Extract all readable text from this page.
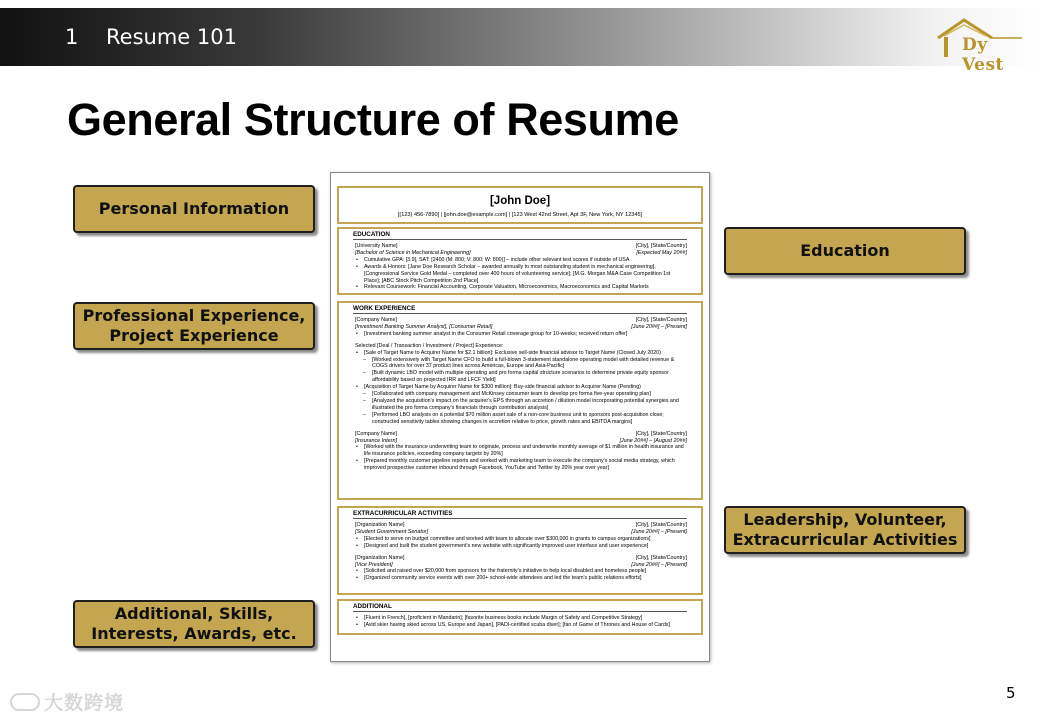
1 Resume 101	Dy Vest
General Structure of Resume
Personal Information
Professional Experience,
Project Experience
Additional, Skills,
Interests, Awards, etc.
Education
Leadership, Volunteer,
Extracurricular Activities
[John Doe]
[(123) 456-7890] | [john.doe@example.com] | [123 West 42nd Street, Apt 3F, New York, NY 12345]
EDUCATION
[University Name]	[City], [State/Country]
[Bachelor of Science in Mechanical Engineering]	[Expected May 20##]
• Cumulative GPA: [3.9], SAT: [2400 (M: 800; V: 800; W: 800)] – include other relevant test scores if outside of USA
• Awards & Honors: [Jane Doe Research Scholar – awarded annually to most outstanding student in mechanical engineering], [Congressional Service Gold Medal – completed over 400 hours of volunteering service]; [M.G. Morgan M&A Case Competition 1st Place]; [ABC Stock Pitch Competition 2nd Place]
• Relevant Coursework: Financial Accounting, Corporate Valuation, Microeconomics, Macroeconomics and Capital Markets
WORK EXPERIENCE
[Company Name]	[City], [State/Country]
[Investment Banking Summer Analyst], [Consumer Retail]	[June 20##] – [Present]
• [Investment banking summer analyst in the Consumer Retail coverage group for 10-weeks; received return offer]
Selected [Deal / Transaction / Investment / Project] Experience:
• [Sale of Target Name to Acquirer Name for $2.1 billion]: Exclusive sell-side financial advisor to Target Name (Closed July 2020)
– [Worked extensively with Target Name CFO to build a full-blown 3-statement standalone operating model with detailed revenue & COGS drivers for over 37 product lines across Americas, Europe and Asia-Pacific]
– [Built dynamic LBO model with multiple operating and pro forma capital structure scenarios to determine private equity sponsor affordability based on projected IRR and LFCF Yield]
• [Acquisition of Target Name by Acquirer Name for $300 million]: Buy-side financial advisor to Acquirer Name (Pending)
– [Collaborated with company management and McKinsey consumer team to develop pro forma five-year operating plan]
– [Analyzed the acquisition's impact on the acquirer's EPS through an accretion / dilution model incorporating potential synergies and illustrated the pro forma company's financials through contribution analysis]
– [Performed LBO analysis on a potential $70 million asset sale of a non-core business unit to sponsors post-acquisition close; constructed sensitivity tables showing changes in accretion relative to price, growth rates and EBITDA margins]
[Company Name]	[City], [State/Country]
[Insurance Intern]	[June 20##] – [August 20##]
• [Worked with the insurance underwriting team to originate, process and underwrite monthly average of $1 million in health insurance and life insurance policies, exceeding company targets by 20%]
• [Prepared monthly customer pipeline reports and worked with marketing team to execute the company's social media strategy, which improved prospective customer inbound through Facebook, YouTube and Twitter by 20% year over year]
EXTRACURRICULAR ACTIVITIES
[Organization Name]	[City], [State/Country]
[Student Government Senator]	[June 20##] – [Present]
• [Elected to serve on budget committee and worked with team to allocate over $300,000 in grants to campus organizations]
• [Designed and built the student government's new website with significantly improved user interface and user experience]
[Organization Name]	[City], [State/Country]
[Vice President]	[June 20##] – [Present]
• [Solicited and raised over $20,000 from sponsors for the fraternity's initiative to help local disabled and homeless people]
• [Organized community service events with over 200+ school-wide attendees and led the team's public relations efforts]
ADDITIONAL
• [Fluent in French], [proficient in Mandarin]; [favorite business books include Margin of Safety and Competitive Strategy]
• [Avid skier having skied across US, Europe and Japan], [PADI-certified scuba diver]; [fan of Game of Thrones and House of Cards]
5
大数跨境
